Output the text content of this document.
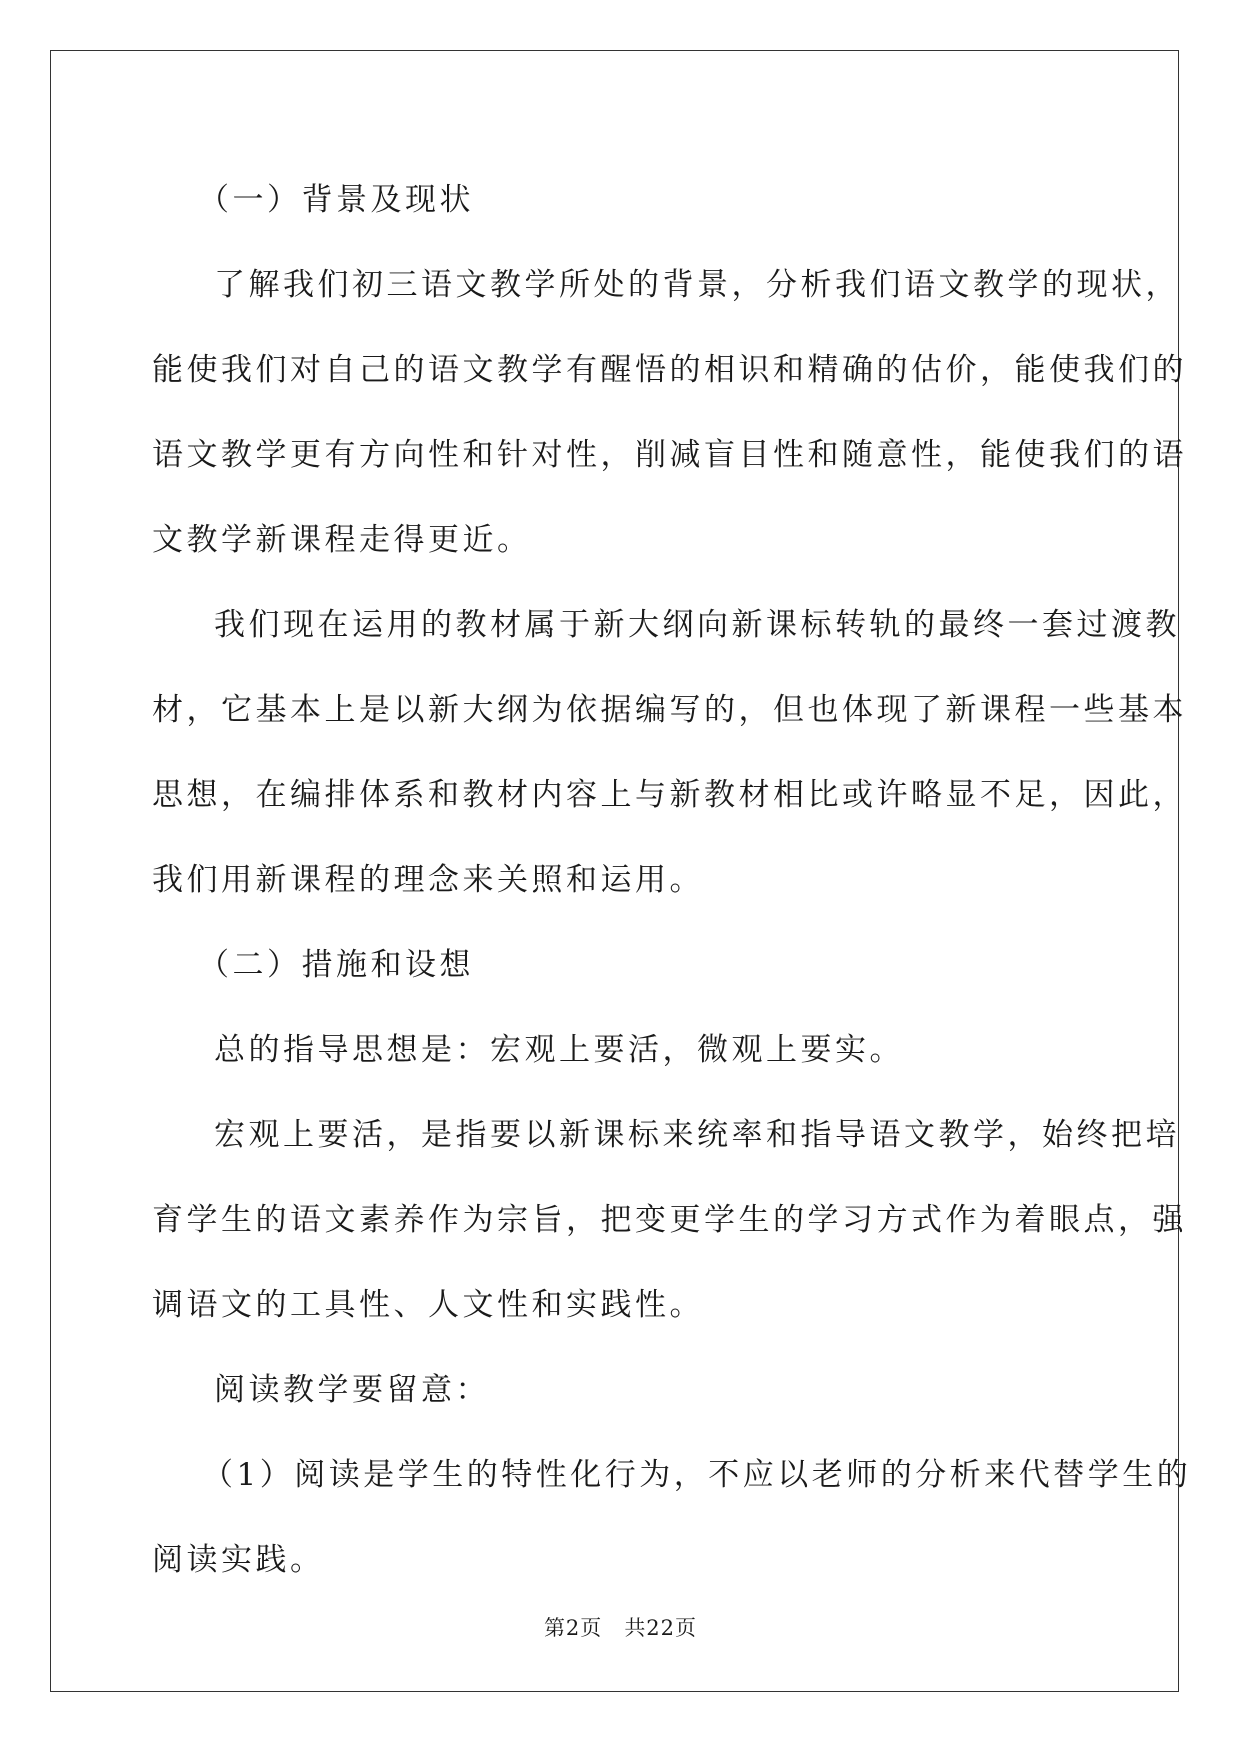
（一）背景及现状
了解我们初三语文教学所处的背景，分析我们语文教学的现状，
能使我们对自己的语文教学有醒悟的相识和精确的估价，能使我们的
语文教学更有方向性和针对性，削减盲目性和随意性，能使我们的语
文教学新课程走得更近。
我们现在运用的教材属于新大纲向新课标转轨的最终一套过渡教
材，它基本上是以新大纲为依据编写的，但也体现了新课程一些基本
思想，在编排体系和教材内容上与新教材相比或许略显不足，因此，
我们用新课程的理念来关照和运用。
（二）措施和设想
总的指导思想是：宏观上要活，微观上要实。
宏观上要活，是指要以新课标来统率和指导语文教学，始终把培
育学生的语文素养作为宗旨，把变更学生的学习方式作为着眼点，强
调语文的工具性、人文性和实践性。
阅读教学要留意：
（1）阅读是学生的特性化行为，不应以老师的分析来代替学生的
阅读实践。
第2页 共22页
